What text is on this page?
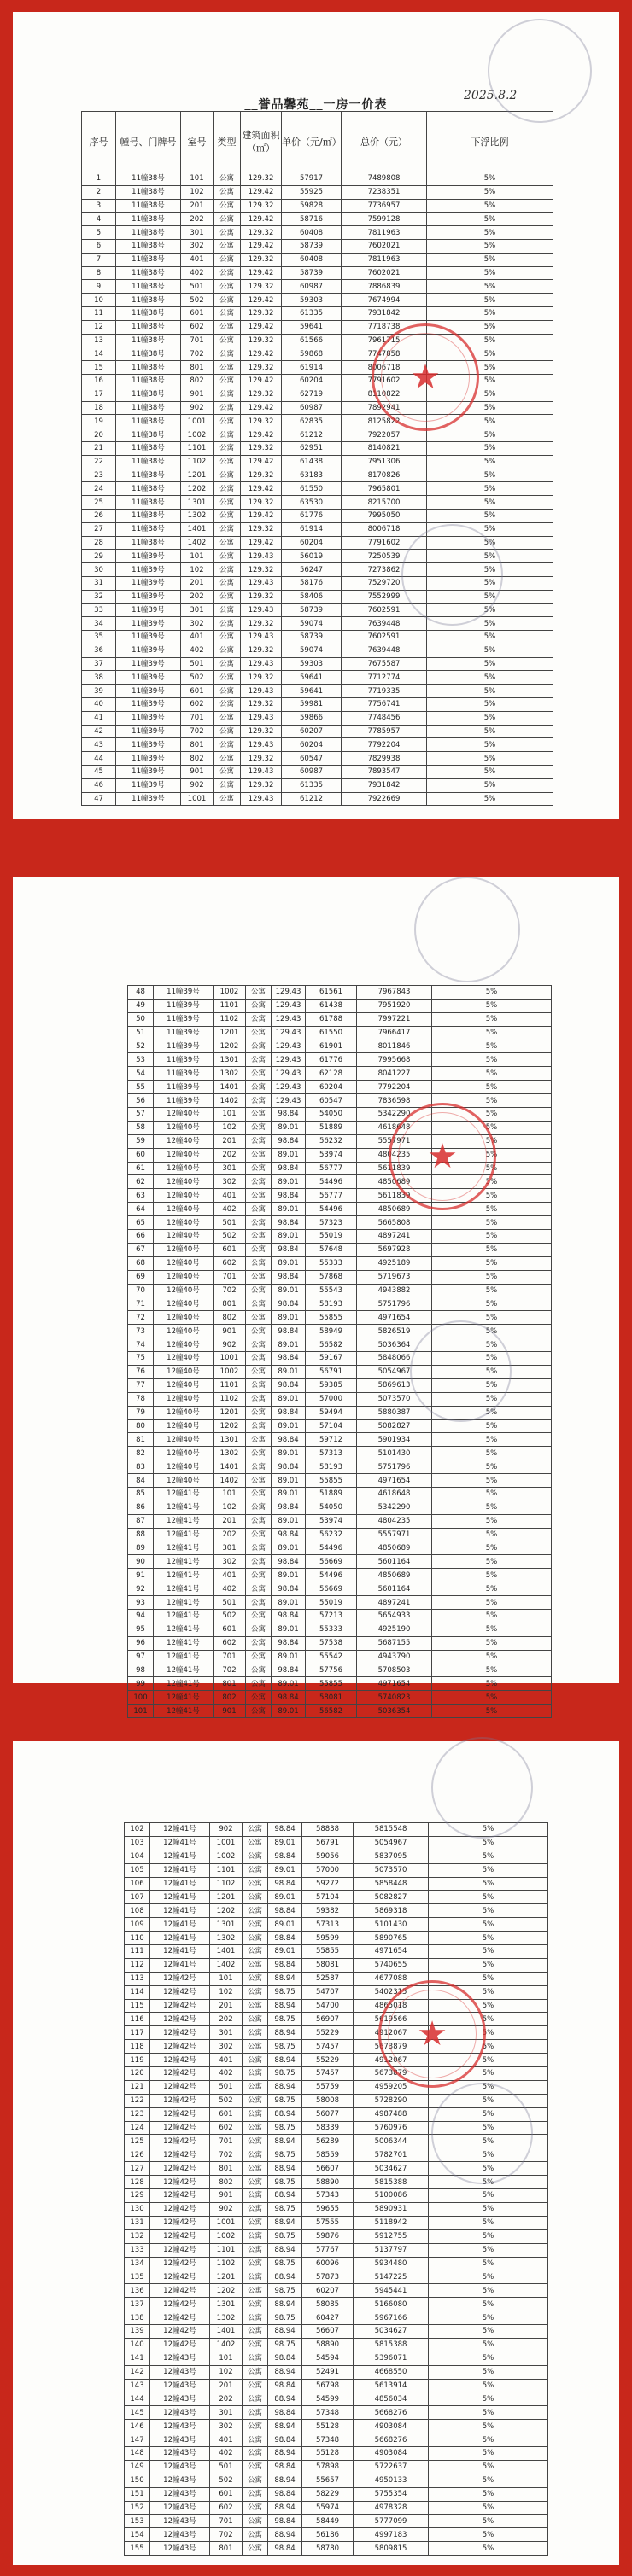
__誉品馨苑__一房一价表
2025.8.2
序号	幢号、门牌号	室号	类型	建筑面积（㎡）	单价（元/㎡）	总价（元）	下浮比例
1	11幢38号	101	公寓	129.32	57917	7489808	5%
2	11幢38号	102	公寓	129.42	55925	7238351	5%
3	11幢38号	201	公寓	129.32	59828	7736957	5%
4	11幢38号	202	公寓	129.42	58716	7599128	5%
5	11幢38号	301	公寓	129.32	60408	7811963	5%
6	11幢38号	302	公寓	129.42	58739	7602021	5%
7	11幢38号	401	公寓	129.32	60408	7811963	5%
8	11幢38号	402	公寓	129.42	58739	7602021	5%
9	11幢38号	501	公寓	129.32	60987	7886839	5%
10	11幢38号	502	公寓	129.42	59303	7674994	5%
11	11幢38号	601	公寓	129.32	61335	7931842	5%
12	11幢38号	602	公寓	129.42	59641	7718738	5%
13	11幢38号	701	公寓	129.32	61566	7961715	5%
14	11幢38号	702	公寓	129.42	59868	7747858	5%
15	11幢38号	801	公寓	129.32	61914	8006718	5%
16	11幢38号	802	公寓	129.42	60204	7791602	5%
17	11幢38号	901	公寓	129.32	62719	8110822	5%
18	11幢38号	902	公寓	129.42	60987	7892941	5%
19	11幢38号	1001	公寓	129.32	62835	8125822	5%
20	11幢38号	1002	公寓	129.42	61212	7922057	5%
21	11幢38号	1101	公寓	129.32	62951	8140821	5%
22	11幢38号	1102	公寓	129.42	61438	7951306	5%
23	11幢38号	1201	公寓	129.32	63183	8170826	5%
24	11幢38号	1202	公寓	129.42	61550	7965801	5%
25	11幢38号	1301	公寓	129.32	63530	8215700	5%
26	11幢38号	1302	公寓	129.42	61776	7995050	5%
27	11幢38号	1401	公寓	129.32	61914	8006718	5%
28	11幢38号	1402	公寓	129.42	60204	7791602	5%
29	11幢39号	101	公寓	129.43	56019	7250539	5%
30	11幢39号	102	公寓	129.32	56247	7273862	5%
31	11幢39号	201	公寓	129.43	58176	7529720	5%
32	11幢39号	202	公寓	129.32	58406	7552999	5%
33	11幢39号	301	公寓	129.43	58739	7602591	5%
34	11幢39号	302	公寓	129.32	59074	7639448	5%
35	11幢39号	401	公寓	129.43	58739	7602591	5%
36	11幢39号	402	公寓	129.32	59074	7639448	5%
37	11幢39号	501	公寓	129.43	59303	7675587	5%
38	11幢39号	502	公寓	129.32	59641	7712774	5%
39	11幢39号	601	公寓	129.43	59641	7719335	5%
40	11幢39号	602	公寓	129.32	59981	7756741	5%
41	11幢39号	701	公寓	129.43	59866	7748456	5%
42	11幢39号	702	公寓	129.32	60207	7785957	5%
43	11幢39号	801	公寓	129.43	60204	7792204	5%
44	11幢39号	802	公寓	129.32	60547	7829938	5%
45	11幢39号	901	公寓	129.43	60987	7893547	5%
46	11幢39号	902	公寓	129.32	61335	7931842	5%
47	11幢39号	1001	公寓	129.43	61212	7922669	5%
★
48	11幢39号	1002	公寓	129.43	61561	7967843	5%
49	11幢39号	1101	公寓	129.43	61438	7951920	5%
50	11幢39号	1102	公寓	129.43	61788	7997221	5%
51	11幢39号	1201	公寓	129.43	61550	7966417	5%
52	11幢39号	1202	公寓	129.43	61901	8011846	5%
53	11幢39号	1301	公寓	129.43	61776	7995668	5%
54	11幢39号	1302	公寓	129.43	62128	8041227	5%
55	11幢39号	1401	公寓	129.43	60204	7792204	5%
56	11幢39号	1402	公寓	129.43	60547	7836598	5%
57	12幢40号	101	公寓	98.84	54050	5342290	5%
58	12幢40号	102	公寓	89.01	51889	4618648	5%
59	12幢40号	201	公寓	98.84	56232	5557971	5%
60	12幢40号	202	公寓	89.01	53974	4804235	5%
61	12幢40号	301	公寓	98.84	56777	5611839	5%
62	12幢40号	302	公寓	89.01	54496	4850689	5%
63	12幢40号	401	公寓	98.84	56777	5611839	5%
64	12幢40号	402	公寓	89.01	54496	4850689	5%
65	12幢40号	501	公寓	98.84	57323	5665808	5%
66	12幢40号	502	公寓	89.01	55019	4897241	5%
67	12幢40号	601	公寓	98.84	57648	5697928	5%
68	12幢40号	602	公寓	89.01	55333	4925189	5%
69	12幢40号	701	公寓	98.84	57868	5719673	5%
70	12幢40号	702	公寓	89.01	55543	4943882	5%
71	12幢40号	801	公寓	98.84	58193	5751796	5%
72	12幢40号	802	公寓	89.01	55855	4971654	5%
73	12幢40号	901	公寓	98.84	58949	5826519	5%
74	12幢40号	902	公寓	89.01	56582	5036364	5%
75	12幢40号	1001	公寓	98.84	59167	5848066	5%
76	12幢40号	1002	公寓	89.01	56791	5054967	5%
77	12幢40号	1101	公寓	98.84	59385	5869613	5%
78	12幢40号	1102	公寓	89.01	57000	5073570	5%
79	12幢40号	1201	公寓	98.84	59494	5880387	5%
80	12幢40号	1202	公寓	89.01	57104	5082827	5%
81	12幢40号	1301	公寓	98.84	59712	5901934	5%
82	12幢40号	1302	公寓	89.01	57313	5101430	5%
83	12幢40号	1401	公寓	98.84	58193	5751796	5%
84	12幢40号	1402	公寓	89.01	55855	4971654	5%
85	12幢41号	101	公寓	89.01	51889	4618648	5%
86	12幢41号	102	公寓	98.84	54050	5342290	5%
87	12幢41号	201	公寓	89.01	53974	4804235	5%
88	12幢41号	202	公寓	98.84	56232	5557971	5%
89	12幢41号	301	公寓	89.01	54496	4850689	5%
90	12幢41号	302	公寓	98.84	56669	5601164	5%
91	12幢41号	401	公寓	89.01	54496	4850689	5%
92	12幢41号	402	公寓	98.84	56669	5601164	5%
93	12幢41号	501	公寓	89.01	55019	4897241	5%
94	12幢41号	502	公寓	98.84	57213	5654933	5%
95	12幢41号	601	公寓	89.01	55333	4925190	5%
96	12幢41号	602	公寓	98.84	57538	5687155	5%
97	12幢41号	701	公寓	89.01	55542	4943790	5%
98	12幢41号	702	公寓	98.84	57756	5708503	5%
99	12幢41号	801	公寓	89.01	55855	4971654	5%
100	12幢41号	802	公寓	98.84	58081	5740823	5%
101	12幢41号	901	公寓	89.01	56582	5036354	5%
★
102	12幢41号	902	公寓	98.84	58838	5815548	5%
103	12幢41号	1001	公寓	89.01	56791	5054967	5%
104	12幢41号	1002	公寓	98.84	59056	5837095	5%
105	12幢41号	1101	公寓	89.01	57000	5073570	5%
106	12幢41号	1102	公寓	98.84	59272	5858448	5%
107	12幢41号	1201	公寓	89.01	57104	5082827	5%
108	12幢41号	1202	公寓	98.84	59382	5869318	5%
109	12幢41号	1301	公寓	89.01	57313	5101430	5%
110	12幢41号	1302	公寓	98.84	59599	5890765	5%
111	12幢41号	1401	公寓	89.01	55855	4971654	5%
112	12幢41号	1402	公寓	98.84	58081	5740655	5%
113	12幢42号	101	公寓	88.94	52587	4677088	5%
114	12幢42号	102	公寓	98.75	54707	5402315	5%
115	12幢42号	201	公寓	88.94	54700	4865018	5%
116	12幢42号	202	公寓	98.75	56907	5619566	5%
117	12幢42号	301	公寓	88.94	55229	4912067	5%
118	12幢42号	302	公寓	98.75	57457	5673879	5%
119	12幢42号	401	公寓	88.94	55229	4912067	5%
120	12幢42号	402	公寓	98.75	57457	5673879	5%
121	12幢42号	501	公寓	88.94	55759	4959205	5%
122	12幢42号	502	公寓	98.75	58008	5728290	5%
123	12幢42号	601	公寓	88.94	56077	4987488	5%
124	12幢42号	602	公寓	98.75	58339	5760976	5%
125	12幢42号	701	公寓	88.94	56289	5006344	5%
126	12幢42号	702	公寓	98.75	58559	5782701	5%
127	12幢42号	801	公寓	88.94	56607	5034627	5%
128	12幢42号	802	公寓	98.75	58890	5815388	5%
129	12幢42号	901	公寓	88.94	57343	5100086	5%
130	12幢42号	902	公寓	98.75	59655	5890931	5%
131	12幢42号	1001	公寓	88.94	57555	5118942	5%
132	12幢42号	1002	公寓	98.75	59876	5912755	5%
133	12幢42号	1101	公寓	88.94	57767	5137797	5%
134	12幢42号	1102	公寓	98.75	60096	5934480	5%
135	12幢42号	1201	公寓	88.94	57873	5147225	5%
136	12幢42号	1202	公寓	98.75	60207	5945441	5%
137	12幢42号	1301	公寓	88.94	58085	5166080	5%
138	12幢42号	1302	公寓	98.75	60427	5967166	5%
139	12幢42号	1401	公寓	88.94	56607	5034627	5%
140	12幢42号	1402	公寓	98.75	58890	5815388	5%
141	12幢43号	101	公寓	98.84	54594	5396071	5%
142	12幢43号	102	公寓	88.94	52491	4668550	5%
143	12幢43号	201	公寓	98.84	56798	5613914	5%
144	12幢43号	202	公寓	88.94	54599	4856034	5%
145	12幢43号	301	公寓	98.84	57348	5668276	5%
146	12幢43号	302	公寓	88.94	55128	4903084	5%
147	12幢43号	401	公寓	98.84	57348	5668276	5%
148	12幢43号	402	公寓	88.94	55128	4903084	5%
149	12幢43号	501	公寓	98.84	57898	5722637	5%
150	12幢43号	502	公寓	88.94	55657	4950133	5%
151	12幢43号	601	公寓	98.84	58229	5755354	5%
152	12幢43号	602	公寓	88.94	55974	4978328	5%
153	12幢43号	701	公寓	98.84	58449	5777099	5%
154	12幢43号	702	公寓	88.94	56186	4997183	5%
155	12幢43号	801	公寓	98.84	58780	5809815	5%
★
